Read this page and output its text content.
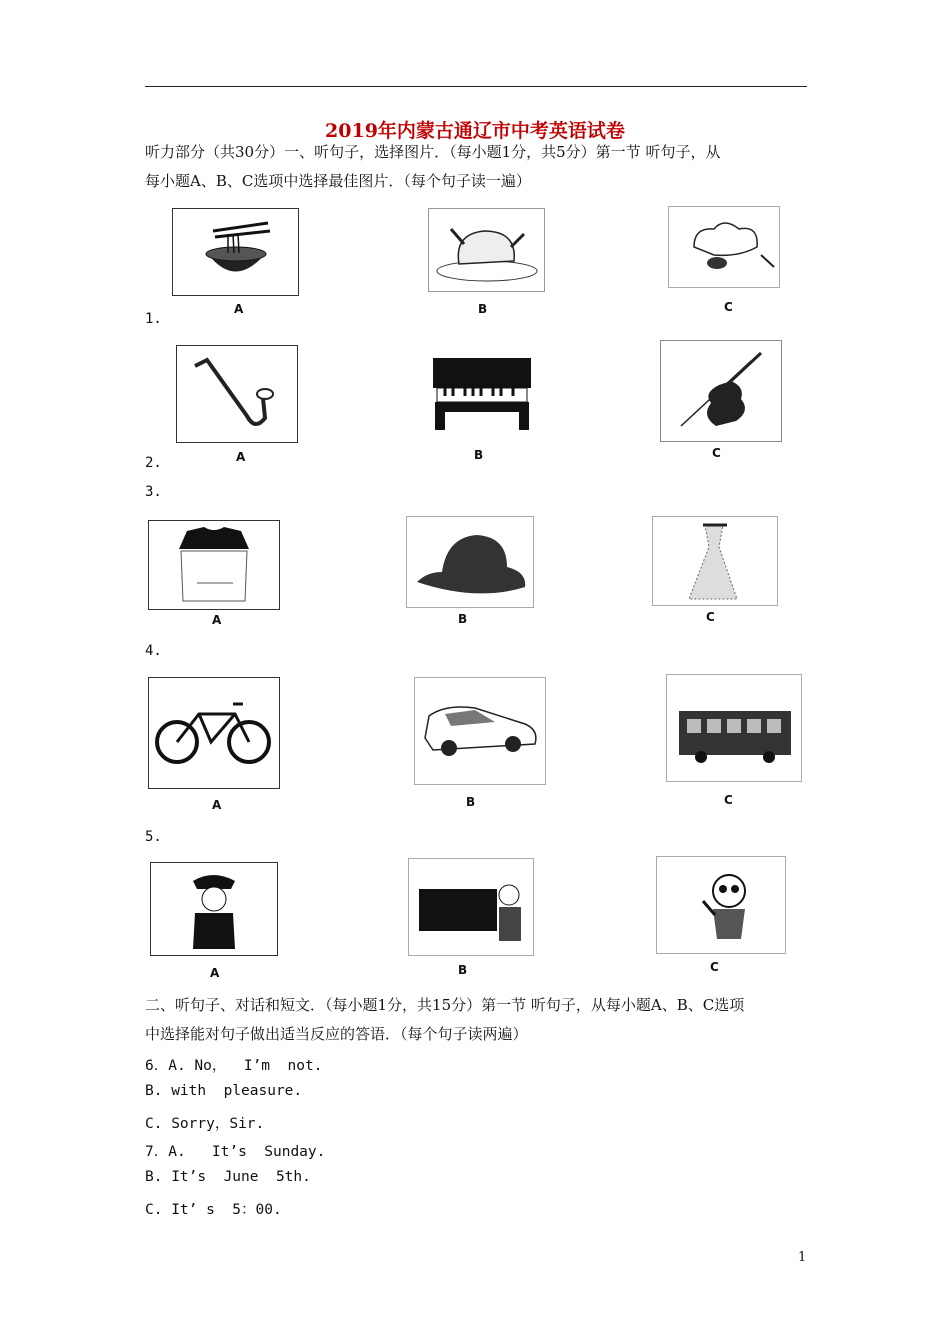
2019年内蒙古通辽市中考英语试卷
听力部分（共30分）一、听句子，选择图片．（每小题1分，共5分）第一节 听句子，从
每小题A、B、C选项中选择最佳图片．（每个句子读一遍）
A	B	C
1.
A	B	C
2.
3.
A	B	C
4.
A	B	C
5.
A	B	C
二、听句子、对话和短文．（每小题1分，共15分）第一节 听句子，从每小题A、B、C选项
中选择能对句子做出适当反应的答语．（每个句子读两遍）
6．A. No，  I’m  not.
B. with  pleasure.
C. Sorry，Sir.
7．A.   It’s  Sunday.
B. It’s  June  5th.
C. It’ s  5：00.
1
